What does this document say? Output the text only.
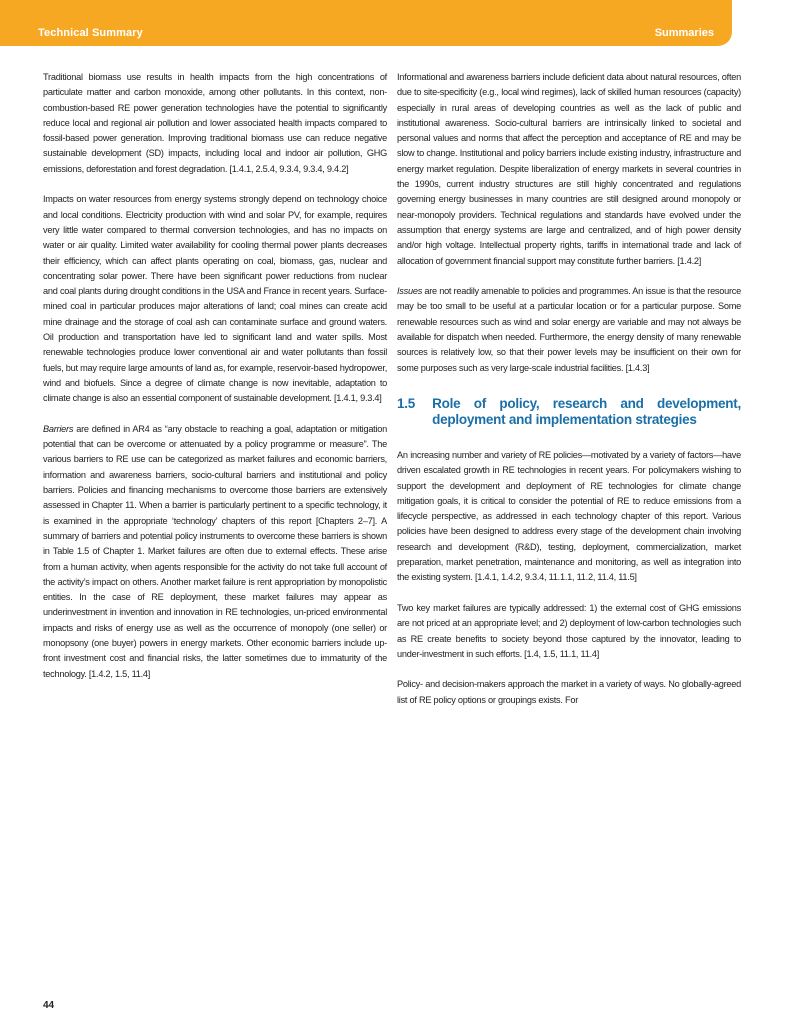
Technical Summary	Summaries

Traditional biomass use results in health impacts from the high concentrations of particulate matter and carbon monoxide, among other pollutants. In this context, non-combustion-based RE power generation technologies have the potential to significantly reduce local and regional air pollution and lower associated health impacts compared to fossil-based power generation. Improving traditional biomass use can reduce negative sustainable development (SD) impacts, including local and indoor air pollution, GHG emissions, deforestation and forest degradation. [1.4.1, 2.5.4, 9.3.4, 9.3.4, 9.4.2]

Impacts on water resources from energy systems strongly depend on technology choice and local conditions. Electricity production with wind and solar PV, for example, requires very little water compared to thermal conversion technologies, and has no impacts on water or air quality. Limited water availability for cooling thermal power plants decreases their efficiency, which can affect plants operating on coal, biomass, gas, nuclear and concentrating solar power. There have been significant power reductions from nuclear and coal plants during drought conditions in the USA and France in recent years. Surface-mined coal in particular produces major alterations of land; coal mines can create acid mine drainage and the storage of coal ash can contaminate surface and ground waters. Oil production and transportation have led to significant land and water spills. Most renewable technologies produce lower conventional air and water pollutants than fossil fuels, but may require large amounts of land as, for example, reservoir-based hydropower, wind and biofuels. Since a degree of climate change is now inevitable, adaptation to climate change is also an essential component of sustainable development. [1.4.1, 9.3.4]

Barriers are defined in AR4 as “any obstacle to reaching a goal, adaptation or mitigation potential that can be overcome or attenuated by a policy programme or measure”. The various barriers to RE use can be categorized as market failures and economic barriers, information and awareness barriers, socio-cultural barriers and institutional and policy barriers. Policies and financing mechanisms to overcome those barriers are extensively assessed in Chapter 11. When a barrier is particularly pertinent to a specific technology, it is examined in the appropriate ‘technology’ chapters of this report [Chapters 2–7]. A summary of barriers and potential policy instruments to overcome these barriers is shown in Table 1.5 of Chapter 1. Market failures are often due to external effects. These arise from a human activity, when agents responsible for the activity do not take full account of the activity’s impact on others. Another market failure is rent appropriation by monopolistic entities. In the case of RE deployment, these market failures may appear as underinvestment in invention and innovation in RE technologies, un-priced environmental impacts and risks of energy use as well as the occurrence of monopoly (one seller) or monopsony (one buyer) powers in energy markets. Other economic barriers include up-front investment cost and financial risks, the latter sometimes due to immaturity of the technology. [1.4.2, 1.5, 11.4]

Informational and awareness barriers include deficient data about natural resources, often due to site-specificity (e.g., local wind regimes), lack of skilled human resources (capacity) especially in rural areas of developing countries as well as the lack of public and institutional awareness. Socio-cultural barriers are intrinsically linked to societal and personal values and norms that affect the perception and acceptance of RE and may be slow to change. Institutional and policy barriers include existing industry, infrastructure and energy market regulation. Despite liberalization of energy markets in several countries in the 1990s, current industry structures are still highly concentrated and regulations governing energy businesses in many countries are still designed around monopoly or near-monopoly providers. Technical regulations and standards have evolved under the assumption that energy systems are large and centralized, and of high power density and/or high voltage. Intellectual property rights, tariffs in international trade and lack of allocation of government financial support may constitute further barriers. [1.4.2]

Issues are not readily amenable to policies and programmes. An issue is that the resource may be too small to be useful at a particular location or for a particular purpose. Some renewable resources such as wind and solar energy are variable and may not always be available for dispatch when needed. Furthermore, the energy density of many renewable sources is relatively low, so that their power levels may be insufficient on their own for some purposes such as very large-scale industrial facilities. [1.4.3]

1.5	Role of policy, research and development, deployment and implementation strategies

An increasing number and variety of RE policies—motivated by a variety of factors—have driven escalated growth in RE technologies in recent years. For policymakers wishing to support the development and deployment of RE technologies for climate change mitigation goals, it is critical to consider the potential of RE to reduce emissions from a lifecycle perspective, as addressed in each technology chapter of this report. Various policies have been designed to address every stage of the development chain involving research and development (R&D), testing, deployment, commercialization, market preparation, market penetration, maintenance and monitoring, as well as integration into the existing system. [1.4.1, 1.4.2, 9.3.4, 11.1.1, 11.2, 11.4, 11.5]

Two key market failures are typically addressed: 1) the external cost of GHG emissions are not priced at an appropriate level; and 2) deployment of low-carbon technologies such as RE create benefits to society beyond those captured by the innovator, leading to under-investment in such efforts. [1.4, 1.5, 11.1, 11.4]

Policy- and decision-makers approach the market in a variety of ways. No globally-agreed list of RE policy options or groupings exists. For

44
